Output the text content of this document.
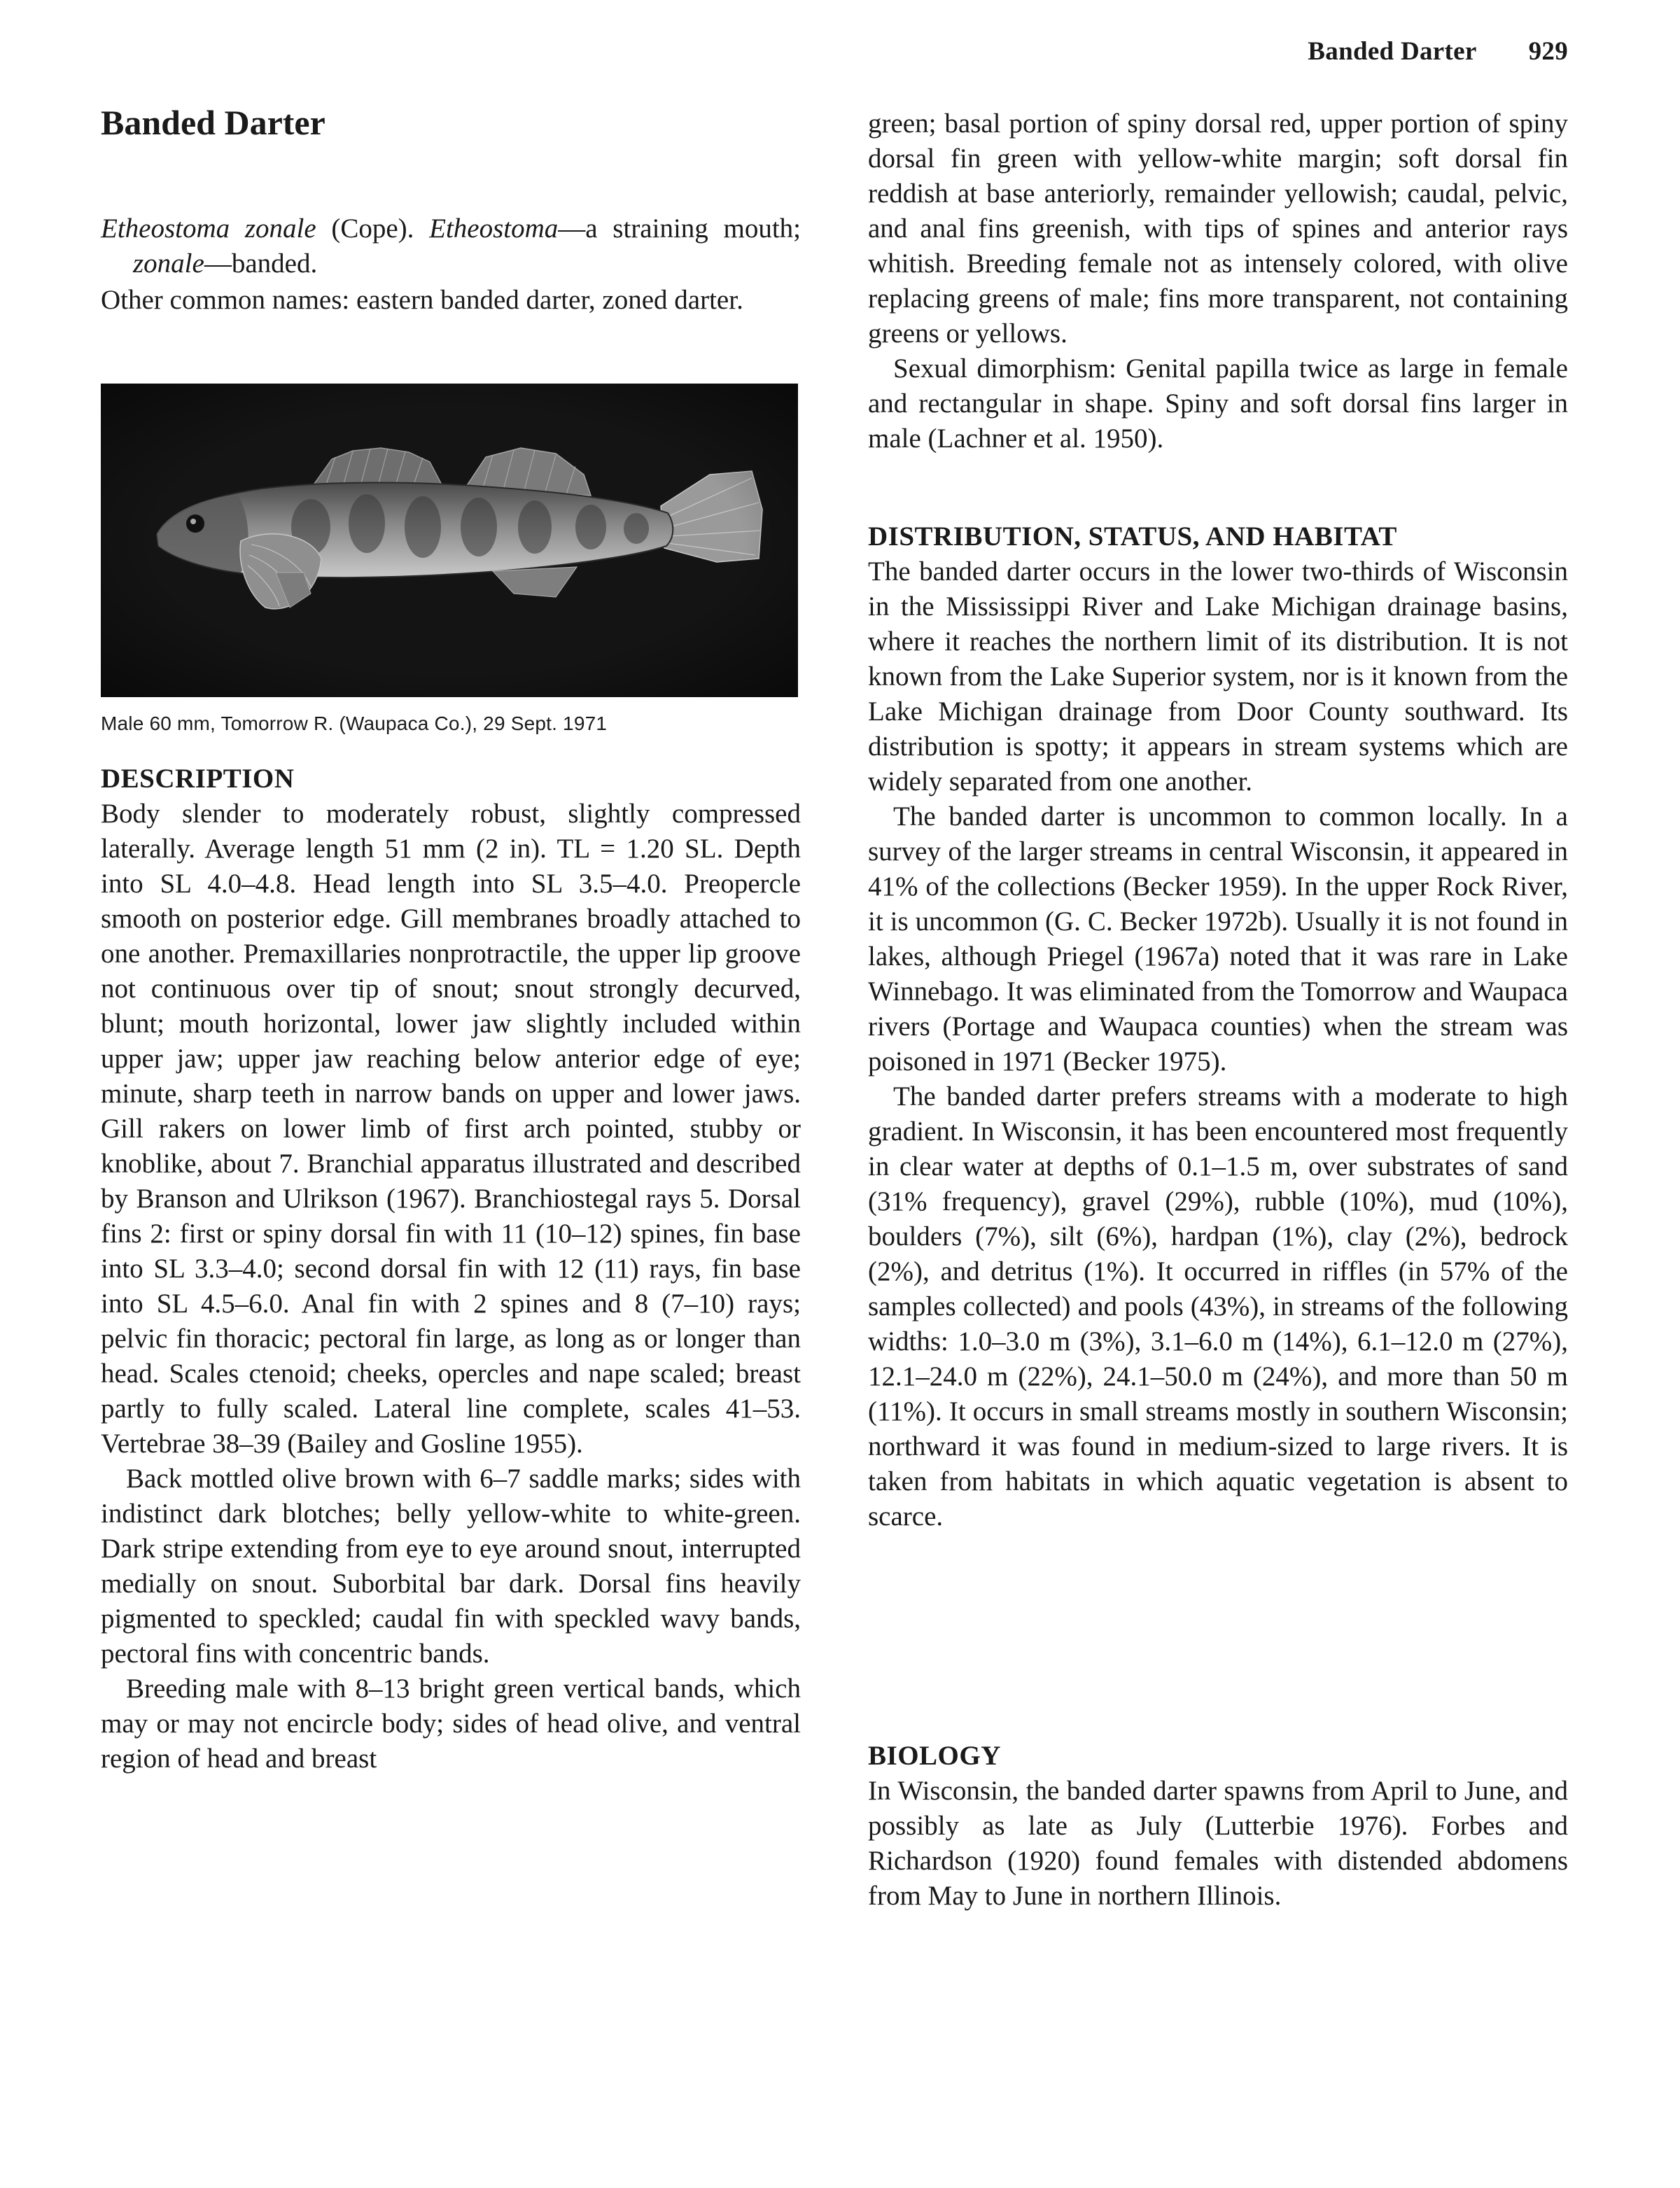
Banded Darter 929
Banded Darter

Etheostoma zonale (Cope). Etheostoma—a straining mouth; zonale—banded.

Other common names: eastern banded darter, zoned darter.

Male 60 mm, Tomorrow R. (Waupaca Co.), 29 Sept. 1971
DESCRIPTION

Body slender to moderately robust, slightly compressed laterally. Average length 51 mm (2 in). TL = 1.20 SL. Depth into SL 4.0–4.8. Head length into SL 3.5–4.0. Preopercle smooth on posterior edge. Gill membranes broadly attached to one another. Premaxillaries nonprotractile, the upper lip groove not continuous over tip of snout; snout strongly decurved, blunt; mouth horizontal, lower jaw slightly included within upper jaw; upper jaw reaching below anterior edge of eye; minute, sharp teeth in narrow bands on upper and lower jaws. Gill rakers on lower limb of first arch pointed, stubby or knoblike, about 7. Branchial apparatus illustrated and described by Branson and Ulrikson (1967). Branchiostegal rays 5. Dorsal fins 2: first or spiny dorsal fin with 11 (10–12) spines, fin base into SL 3.3–4.0; second dorsal fin with 12 (11) rays, fin base into SL 4.5–6.0. Anal fin with 2 spines and 8 (7–10) rays; pelvic fin thoracic; pectoral fin large, as long as or longer than head. Scales ctenoid; cheeks, opercles and nape scaled; breast partly to fully scaled. Lateral line complete, scales 41–53. Vertebrae 38–39 (Bailey and Gosline 1955).

Back mottled olive brown with 6–7 saddle marks; sides with indistinct dark blotches; belly yellow-white to white-green. Dark stripe extending from eye to eye around snout, interrupted medially on snout. Suborbital bar dark. Dorsal fins heavily pigmented to speckled; caudal fin with speckled wavy bands, pectoral fins with concentric bands.

Breeding male with 8–13 bright green vertical bands, which may or may not encircle body; sides of head olive, and ventral region of head and breast

green; basal portion of spiny dorsal red, upper portion of spiny dorsal fin green with yellow-white margin; soft dorsal fin reddish at base anteriorly, remainder yellowish; caudal, pelvic, and anal fins greenish, with tips of spines and anterior rays whitish. Breeding female not as intensely colored, with olive replacing greens of male; fins more transparent, not containing greens or yellows.

Sexual dimorphism: Genital papilla twice as large in female and rectangular in shape. Spiny and soft dorsal fins larger in male (Lachner et al. 1950).

DISTRIBUTION, STATUS, AND HABITAT

The banded darter occurs in the lower two-thirds of Wisconsin in the Mississippi River and Lake Michigan drainage basins, where it reaches the northern limit of its distribution. It is not known from the Lake Superior system, nor is it known from the Lake Michigan drainage from Door County southward. Its distribution is spotty; it appears in stream systems which are widely separated from one another.

The banded darter is uncommon to common locally. In a survey of the larger streams in central Wisconsin, it appeared in 41% of the collections (Becker 1959). In the upper Rock River, it is uncommon (G. C. Becker 1972b). Usually it is not found in lakes, although Priegel (1967a) noted that it was rare in Lake Winnebago. It was eliminated from the Tomorrow and Waupaca rivers (Portage and Waupaca counties) when the stream was poisoned in 1971 (Becker 1975).

The banded darter prefers streams with a moderate to high gradient. In Wisconsin, it has been encountered most frequently in clear water at depths of 0.1–1.5 m, over substrates of sand (31% frequency), gravel (29%), rubble (10%), mud (10%), boulders (7%), silt (6%), hardpan (1%), clay (2%), bedrock (2%), and detritus (1%). It occurred in riffles (in 57% of the samples collected) and pools (43%), in streams of the following widths: 1.0–3.0 m (3%), 3.1–6.0 m (14%), 6.1–12.0 m (27%), 12.1–24.0 m (22%), 24.1–50.0 m (24%), and more than 50 m (11%). It occurs in small streams mostly in southern Wisconsin; northward it was found in medium-sized to large rivers. It is taken from habitats in which aquatic vegetation is absent to scarce.

BIOLOGY

In Wisconsin, the banded darter spawns from April to June, and possibly as late as July (Lutterbie 1976). Forbes and Richardson (1920) found females with distended abdomens from May to June in northern Illinois.
